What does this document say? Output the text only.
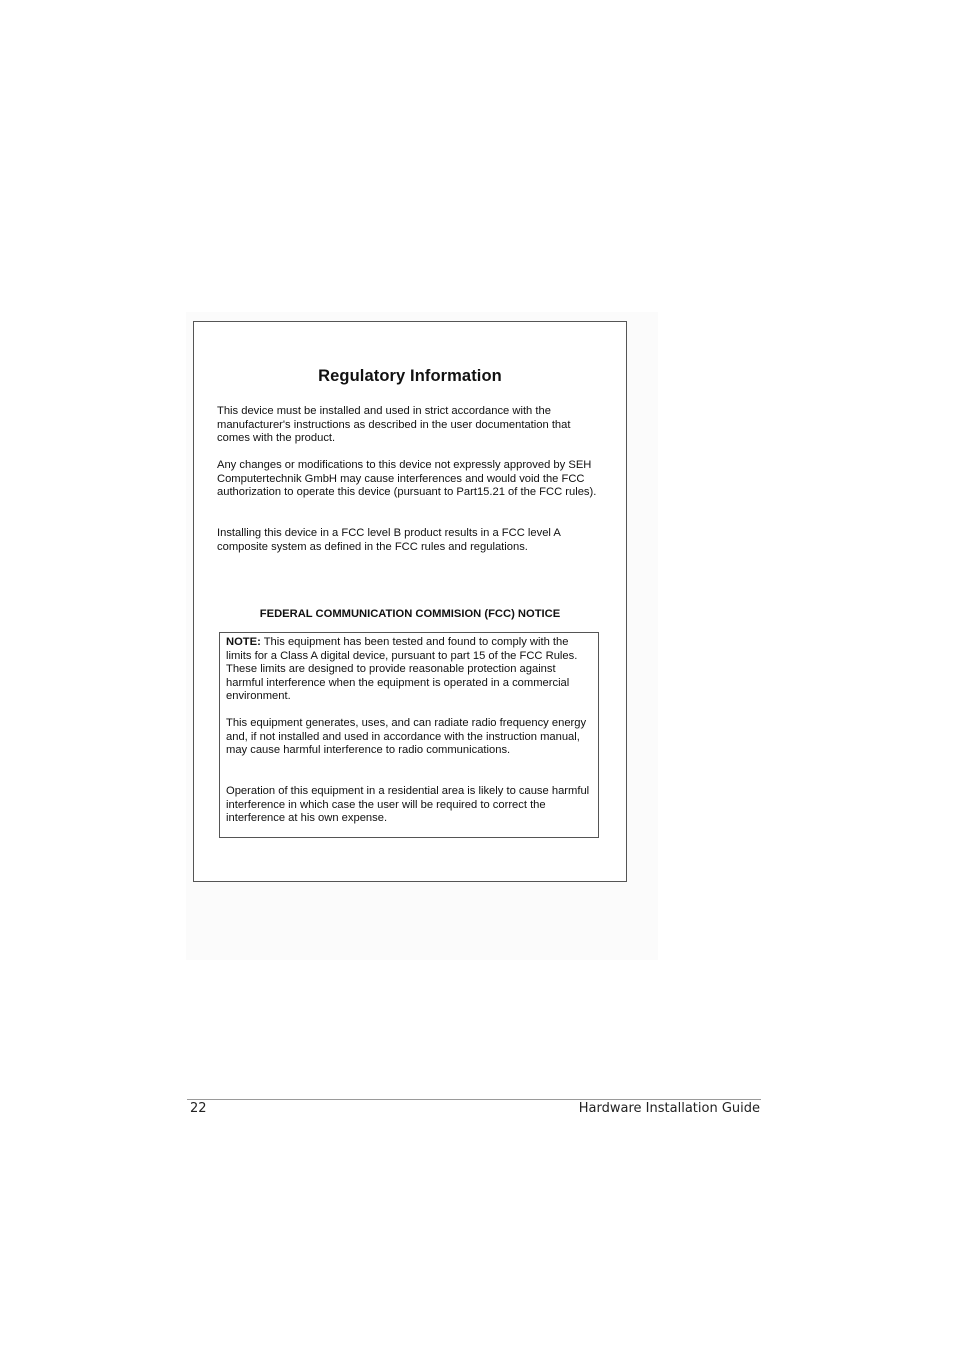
Regulatory Information

This device must be installed and used in strict accordance with the manufacturer's instructions as described in the user documentation that comes with the product.

Any changes or modifications to this device not expressly approved by SEH Computertechnik GmbH may cause interferences and would void the FCC authorization to operate this device (pursuant to Part15.21 of the FCC rules).

Installing this device in a FCC level B product results in a FCC level A composite system as defined in the FCC rules and regulations.

FEDERAL COMMUNICATION COMMISION (FCC) NOTICE

NOTE: This equipment has been tested and found to comply with the limits for a Class A digital device, pursuant to part 15 of the FCC Rules. These limits are designed to provide reasonable protection against harmful interference when the equipment is operated in a commercial environment.

This equipment generates, uses, and can radiate radio frequency energy and, if not installed and used in accordance with the instruction manual, may cause harmful interference to radio communications.

Operation of this equipment in a residential area is likely to cause harmful interference in which case the user will be required to correct the interference at his own expense.

22	Hardware Installation Guide
